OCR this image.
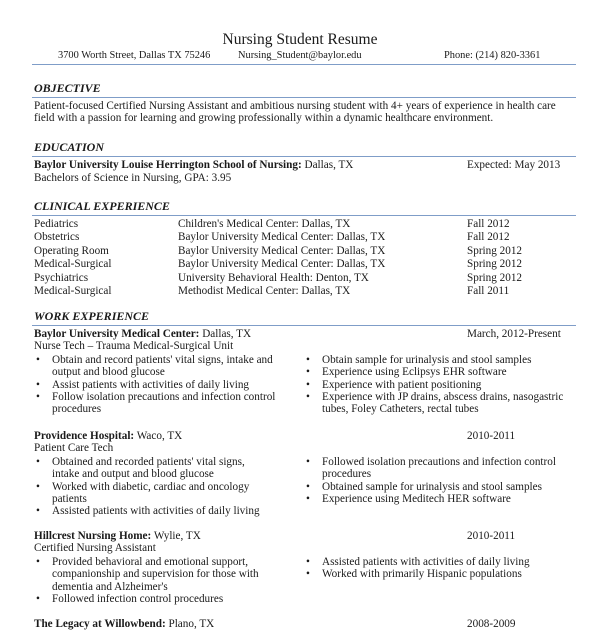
Nursing Student Resume
3700 Worth Street, Dallas TX 75246	Nursing_Student@baylor.edu	Phone: (214) 820-3361
OBJECTIVE
Patient-focused Certified Nursing Assistant and ambitious nursing student with 4+ years of experience in health care field with a passion for learning and growing professionally within a dynamic healthcare environment.
EDUCATION
Baylor University Louise Herrington School of Nursing: Dallas, TX	Expected: May 2013
Bachelors of Science in Nursing, GPA: 3.95
CLINICAL EXPERIENCE
Pediatrics	Children's Medical Center: Dallas, TX	Fall 2012
Obstetrics	Baylor University Medical Center: Dallas, TX	Fall 2012
Operating Room	Baylor University Medical Center: Dallas, TX	Spring 2012
Medical-Surgical	Baylor University Medical Center: Dallas, TX	Spring 2012
Psychiatrics	University Behavioral Health: Denton, TX	Spring 2012
Medical-Surgical	Methodist Medical Center: Dallas, TX	Fall 2011
WORK EXPERIENCE
Baylor University Medical Center: Dallas, TX	March, 2012-Present
Nurse Tech – Trauma Medical-Surgical Unit
• Obtain and record patients' vital signs, intake and
output and blood glucose
• Assist patients with activities of daily living
• Follow isolation precautions and infection control
procedures
• Obtain sample for urinalysis and stool samples
• Experience using Eclipsys EHR software
• Experience with patient positioning
• Experience with JP drains, abscess drains, nasogastric
tubes, Foley Catheters, rectal tubes
Providence Hospital: Waco, TX	2010-2011
Patient Care Tech
• Obtained and recorded patients' vital signs,
intake and output and blood glucose
• Worked with diabetic, cardiac and oncology
patients
• Assisted patients with activities of daily living
• Followed isolation precautions and infection control
procedures
• Obtained sample for urinalysis and stool samples
• Experience using Meditech HER software
Hillcrest Nursing Home: Wylie, TX	2010-2011
Certified Nursing Assistant
• Provided behavioral and emotional support,
companionship and supervision for those with
dementia and Alzheimer's
• Followed infection control procedures
• Assisted patients with activities of daily living
• Worked with primarily Hispanic populations
The Legacy at Willowbend: Plano, TX	2008-2009
